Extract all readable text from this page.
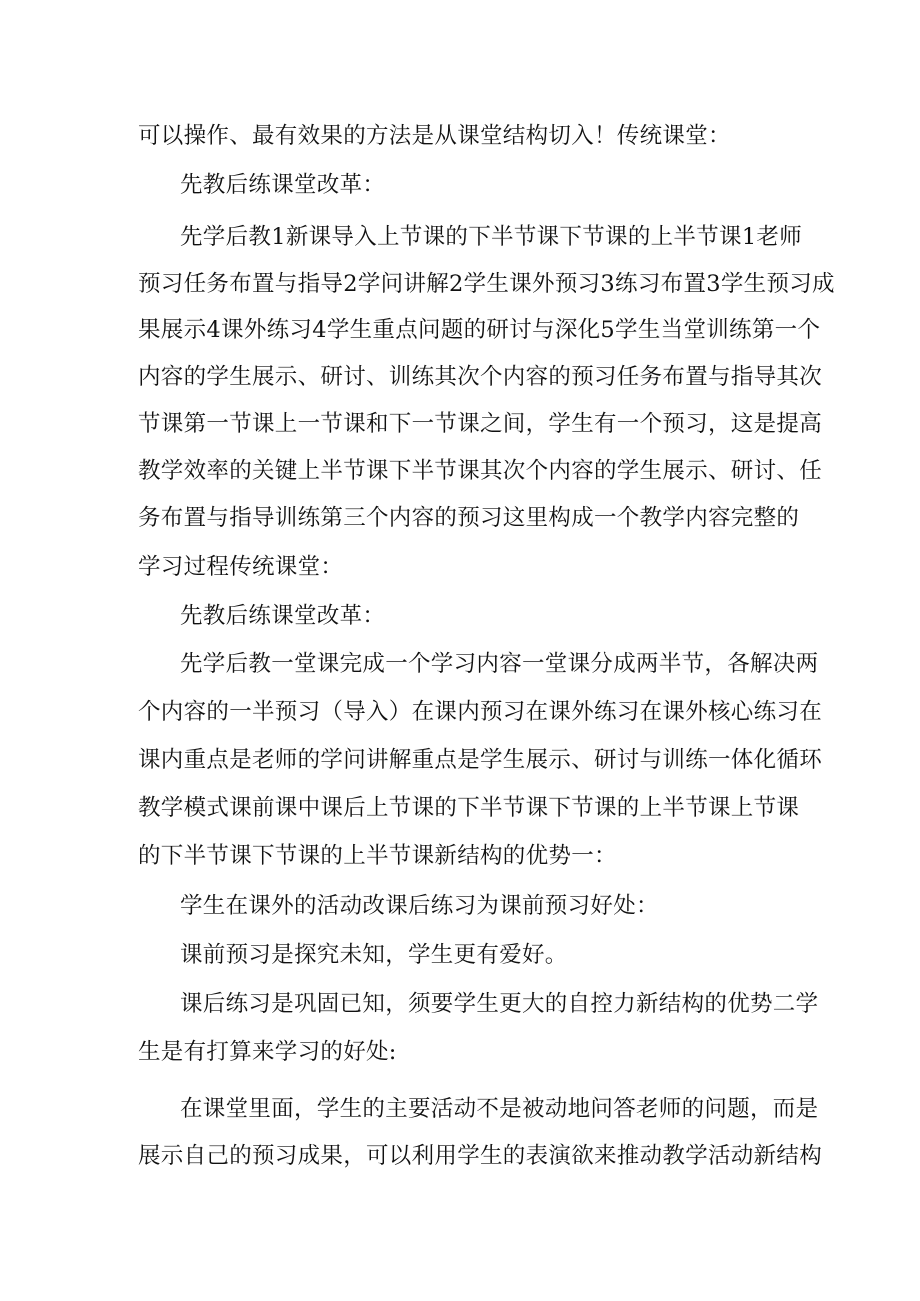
可以操作、最有效果的方法是从课堂结构切入！传统课堂：
先教后练课堂改革：
先学后教1新课导入上节课的下半节课下节课的上半节课1老师
预习任务布置与指导2学问讲解2学生课外预习3练习布置3学生预习成
果展示4课外练习4学生重点问题的研讨与深化5学生当堂训练第一个
内容的学生展示、研讨、训练其次个内容的预习任务布置与指导其次
节课第一节课上一节课和下一节课之间，学生有一个预习，这是提高
教学效率的关键上半节课下半节课其次个内容的学生展示、研讨、任
务布置与指导训练第三个内容的预习这里构成一个教学内容完整的
学习过程传统课堂：
先教后练课堂改革：
先学后教一堂课完成一个学习内容一堂课分成两半节，各解决两
个内容的一半预习（导入）在课内预习在课外练习在课外核心练习在
课内重点是老师的学问讲解重点是学生展示、研讨与训练一体化循环
教学模式课前课中课后上节课的下半节课下节课的上半节课上节课
的下半节课下节课的上半节课新结构的优势一：
学生在课外的活动改课后练习为课前预习好处：
课前预习是探究未知，学生更有爱好。
课后练习是巩固已知，须要学生更大的自控力新结构的优势二学
生是有打算来学习的好处:
在课堂里面，学生的主要活动不是被动地问答老师的问题，而是
展示自己的预习成果，可以利用学生的表演欲来推动教学活动新结构
